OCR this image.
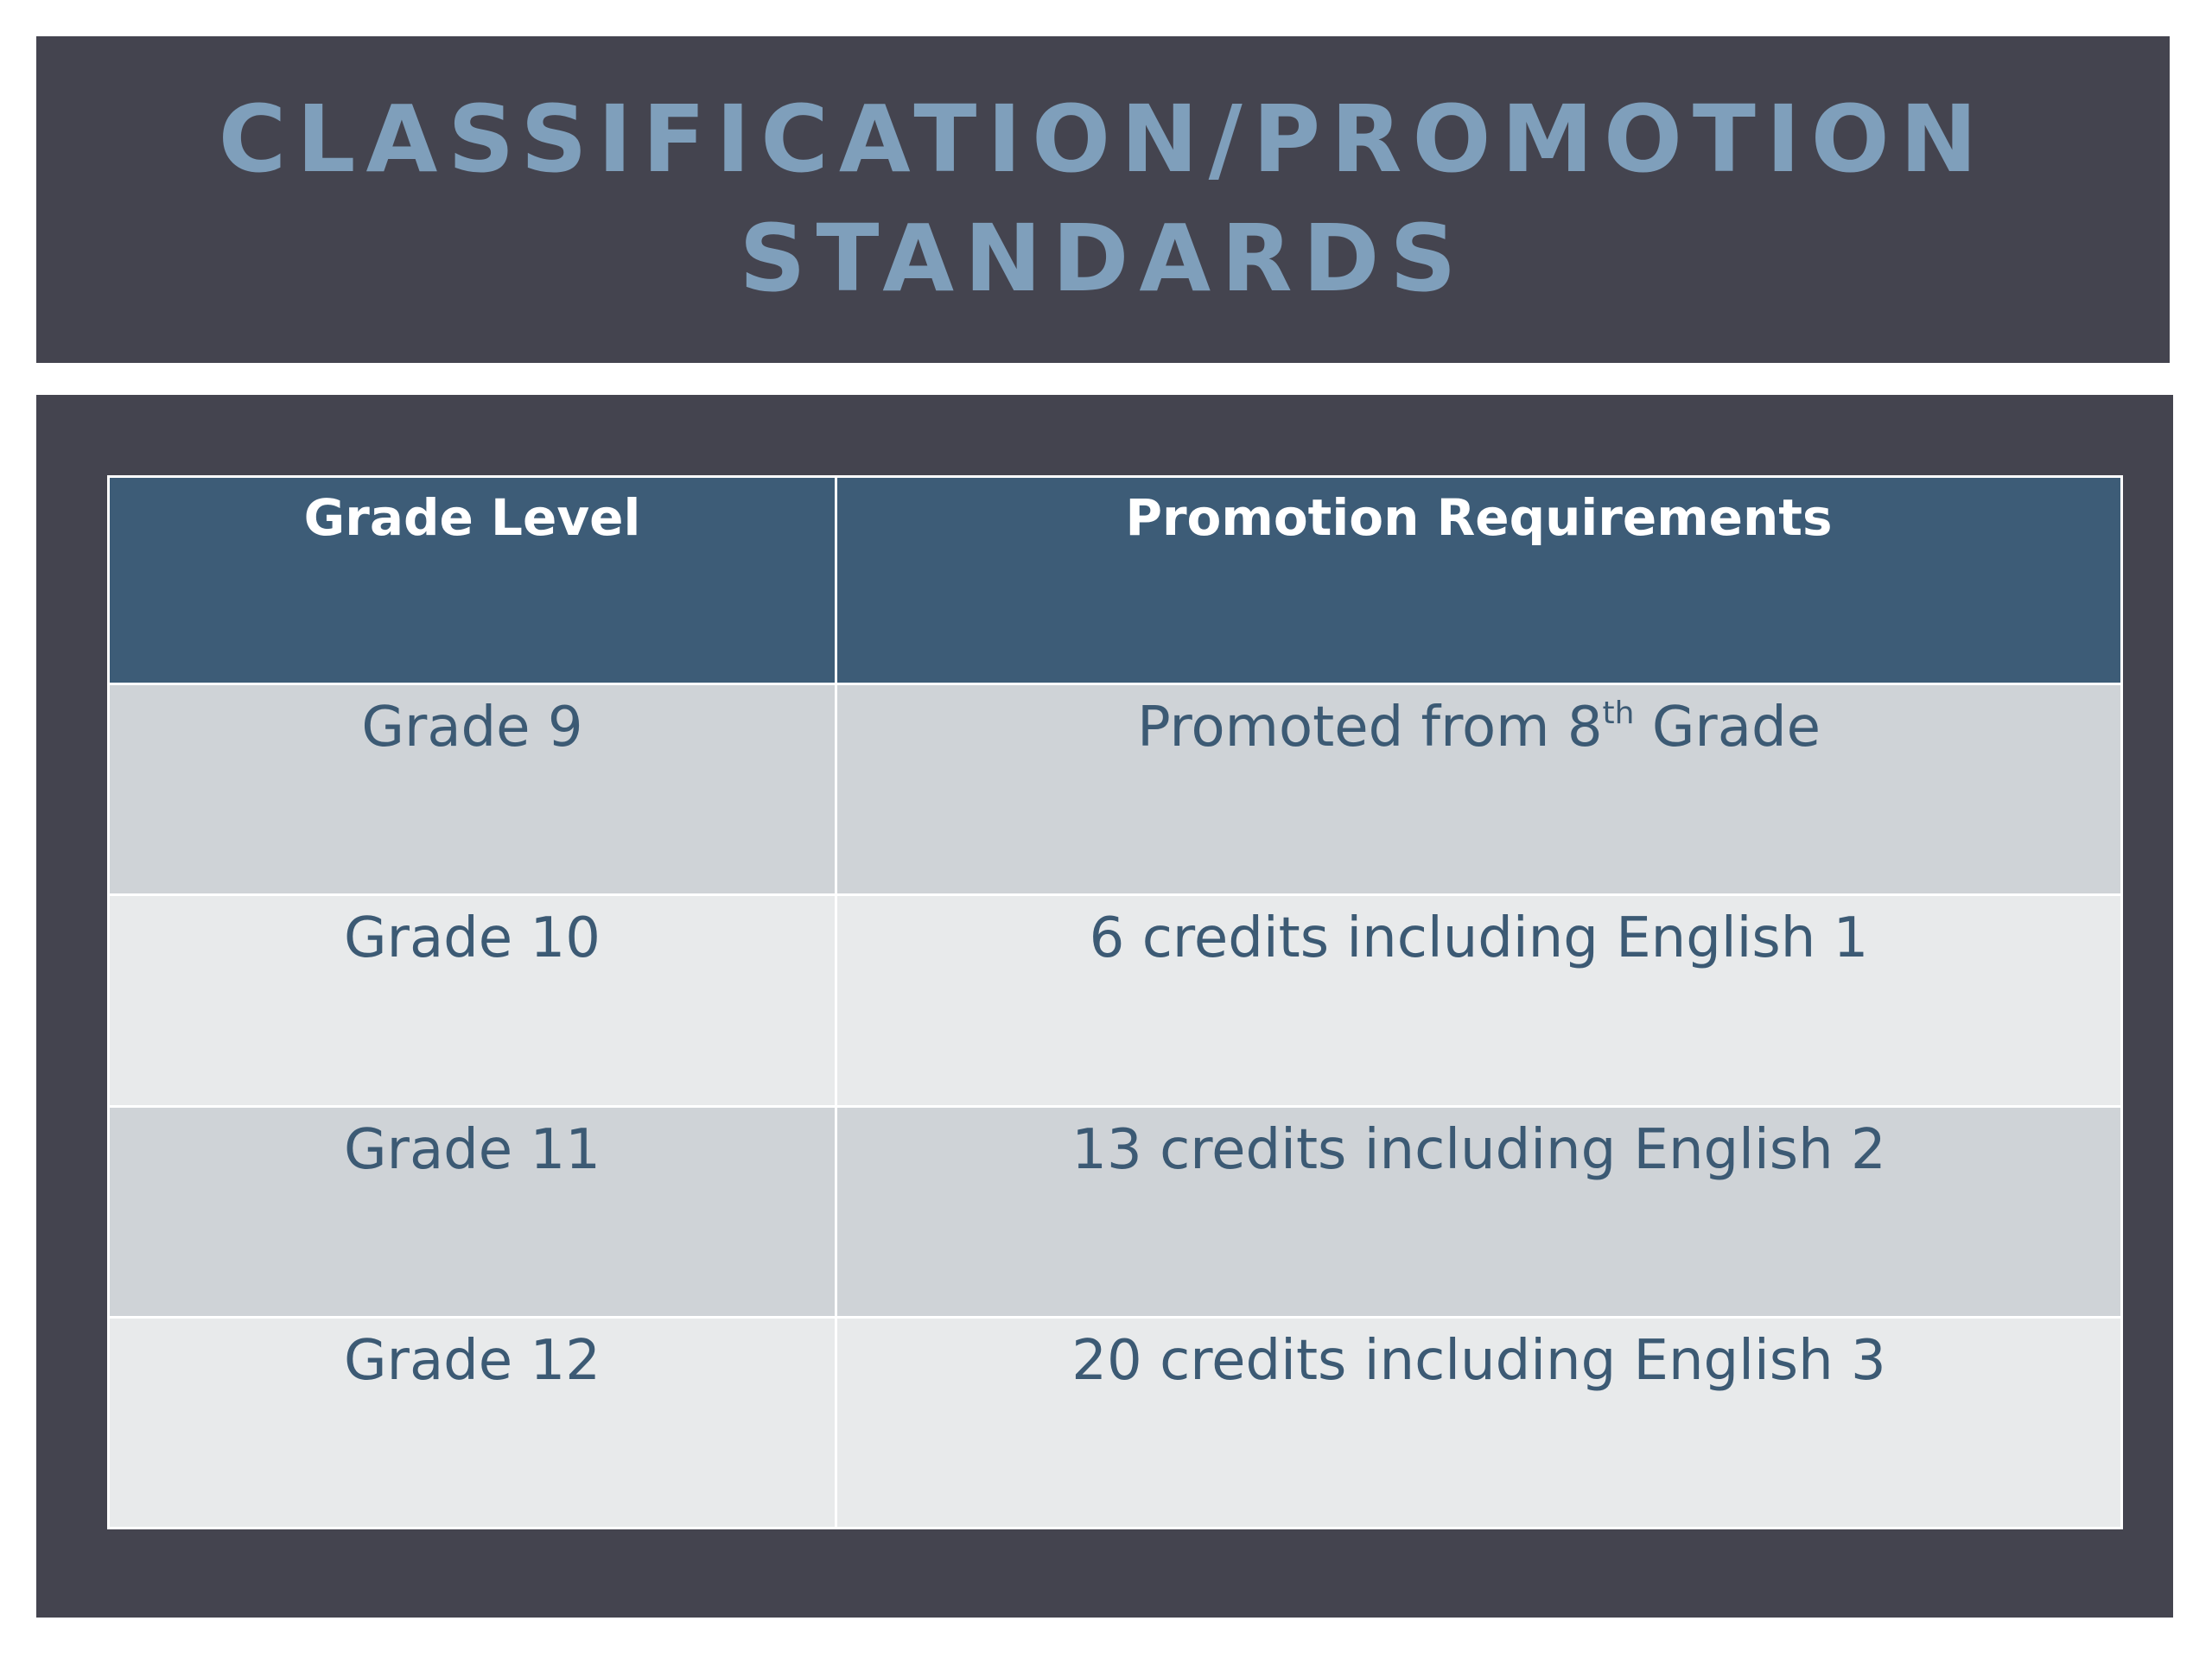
CLASSIFICATION/PROMOTION
STANDARDS
Grade Level	Promotion Requirements
Grade 9	Promoted from 8th Grade
Grade 10	6 credits including English 1
Grade 11	13 credits including English 2
Grade 12	20 credits including English 3
